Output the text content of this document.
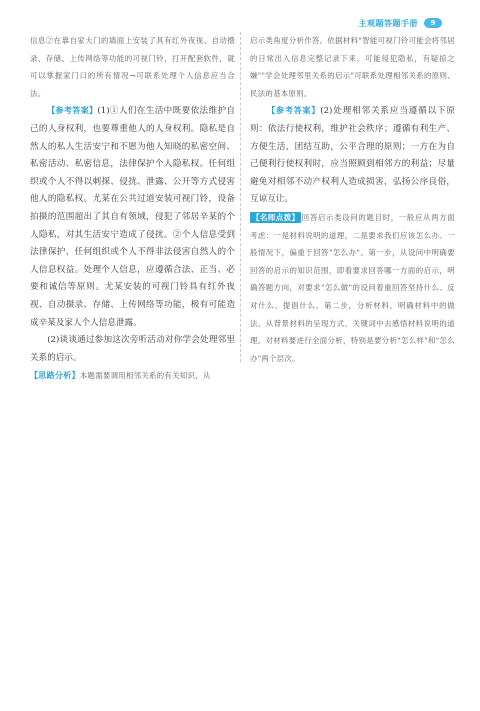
主观题答题手册	9

信息②在靠自家大门的墙面上安装了具有红外夜视、自动摄录、存储、上传网络等功能的可视门铃，打开配套软件，就可以掌握家门口的所有情况→可联系处理个人信息应当合法。

【参考答案】(1)①人们在生活中既要依法维护自己的人身权利，也要尊重他人的人身权利。隐私是自然人的私人生活安宁和不愿为他人知晓的私密空间、私密活动、私密信息，法律保护个人隐私权。任何组织或个人不得以刺探、侵扰、泄露、公开等方式侵害他人的隐私权。尤某在公共过道安装可视门铃，设备拍摄的范围超出了其自有领域，侵犯了邻居辛某的个人隐私，对其生活安宁造成了侵扰。②个人信息受到法律保护，任何组织或个人不得非法侵害自然人的个人信息权益。处理个人信息，应遵循合法、正当、必要和诚信等原则。尤某安装的可视门铃具有红外夜视、自动摄录、存储、上传网络等功能，极有可能造成辛某及家人个人信息泄露。

(2)谈谈通过参加这次旁听活动对你学会处理邻里关系的启示。

【思路分析】本题需要调用相邻关系的有关知识，从

启示类角度分析作答。依据材料"智能可视门铃可能会将邻居的日常出入信息完整记录下来，可能侵犯隐私，有疑掠之嫌""学会处理邻里关系的启示"可联系处理相邻关系的原则、民法的基本原则。

【参考答案】(2)处理相邻关系应当遵循以下原则：依法行使权利，维护社会秩序；遵循有利生产、方便生活，团结互助，公平合理的原则；一方在为自己便利行使权利时，应当照顾到相邻方的利益；尽量避免对相邻不动产权利人造成损害，弘扬公序良俗，互谅互让。

【名师点拨】 回答启示类设问的题目时，一般应从两方面考虑：一是材料说明的道理，二是要求我们应该怎么办。一般情况下，偏重于回答"怎么办"。第一步，从设问中明确要回答的启示的知识范围，即看要求回答哪一方面的启示，明确答题方向，对要求"怎么做"的设问着重回答坚持什么、反对什么、提倡什么。第二步，分析材料，明确材料中的做法。从背景材料的呈现方式、关键词中去感悟材料说明的道理。对材料要进行全面分析，特别是要分析"怎么样"和"怎么办"两个层次。
